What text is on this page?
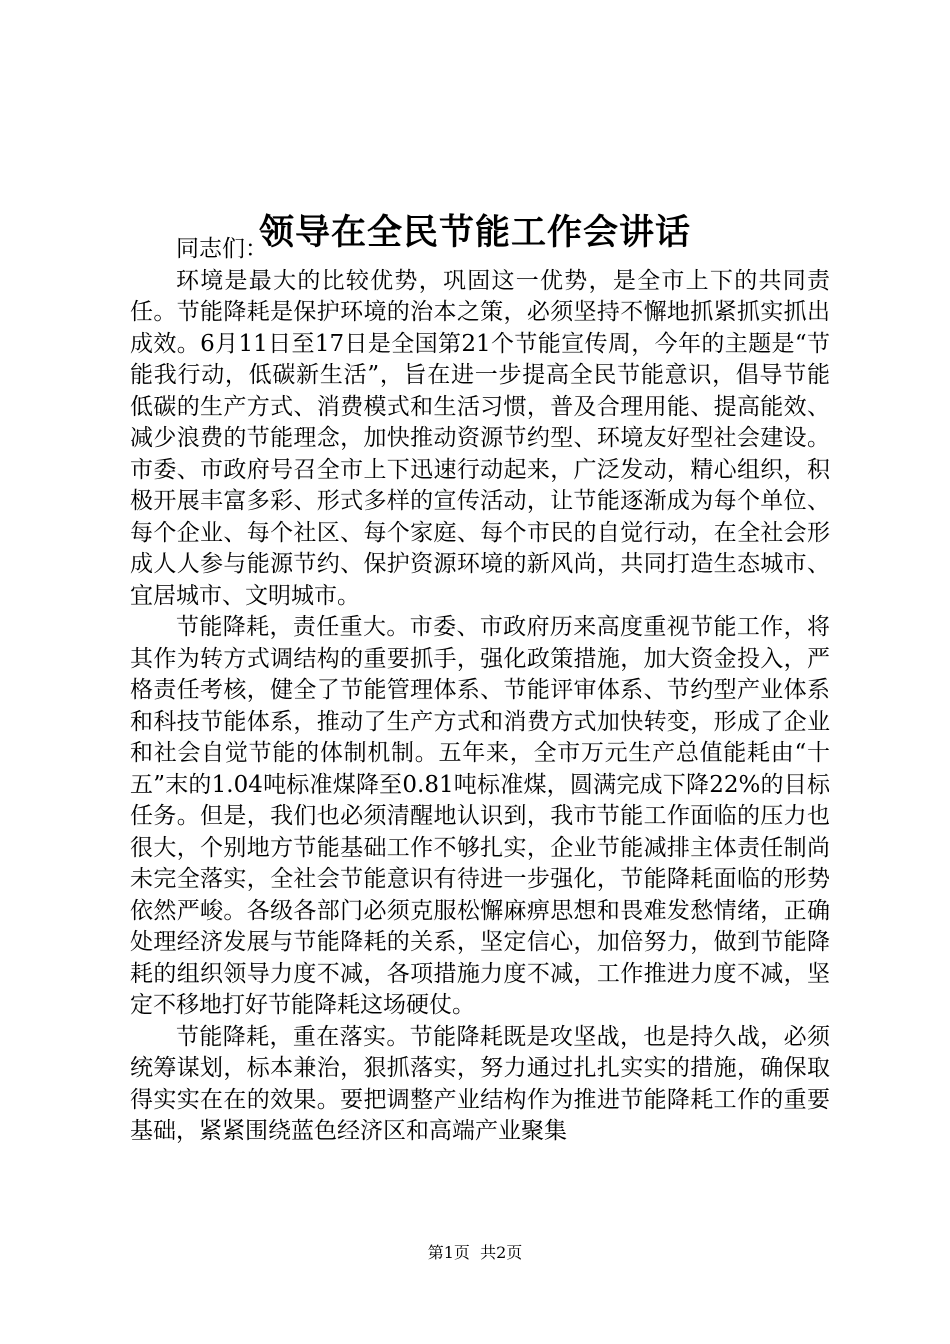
领导在全民节能工作会讲话

同志们：

环境是最大的比较优势，巩固这一优势，是全市上下的共同责任。节能降耗是保护环境的治本之策，必须坚持不懈地抓紧抓实抓出成效。6月11日至17日是全国第21个节能宣传周，今年的主题是“节能我行动，低碳新生活”，旨在进一步提高全民节能意识，倡导节能低碳的生产方式、消费模式和生活习惯，普及合理用能、提高能效、减少浪费的节能理念，加快推动资源节约型、环境友好型社会建设。市委、市政府号召全市上下迅速行动起来，广泛发动，精心组织，积极开展丰富多彩、形式多样的宣传活动，让节能逐渐成为每个单位、每个企业、每个社区、每个家庭、每个市民的自觉行动，在全社会形成人人参与能源节约、保护资源环境的新风尚，共同打造生态城市、宜居城市、文明城市。

节能降耗，责任重大。市委、市政府历来高度重视节能工作，将其作为转方式调结构的重要抓手，强化政策措施，加大资金投入，严格责任考核，健全了节能管理体系、节能评审体系、节约型产业体系和科技节能体系，推动了生产方式和消费方式加快转变，形成了企业和社会自觉节能的体制机制。五年来，全市万元生产总值能耗由“十五”末的1.04吨标准煤降至0.81吨标准煤，圆满完成下降22%的目标任务。但是，我们也必须清醒地认识到，我市节能工作面临的压力也很大，个别地方节能基础工作不够扎实，企业节能减排主体责任制尚未完全落实，全社会节能意识有待进一步强化，节能降耗面临的形势依然严峻。各级各部门必须克服松懈麻痹思想和畏难发愁情绪，正确处理经济发展与节能降耗的关系，坚定信心，加倍努力，做到节能降耗的组织领导力度不减，各项措施力度不减，工作推进力度不减，坚定不移地打好节能降耗这场硬仗。

节能降耗，重在落实。节能降耗既是攻坚战，也是持久战，必须统筹谋划，标本兼治，狠抓落实，努力通过扎扎实实的措施，确保取得实实在在的效果。要把调整产业结构作为推进节能降耗工作的重要基础，紧紧围绕蓝色经济区和高端产业聚集

第1页 共2页
